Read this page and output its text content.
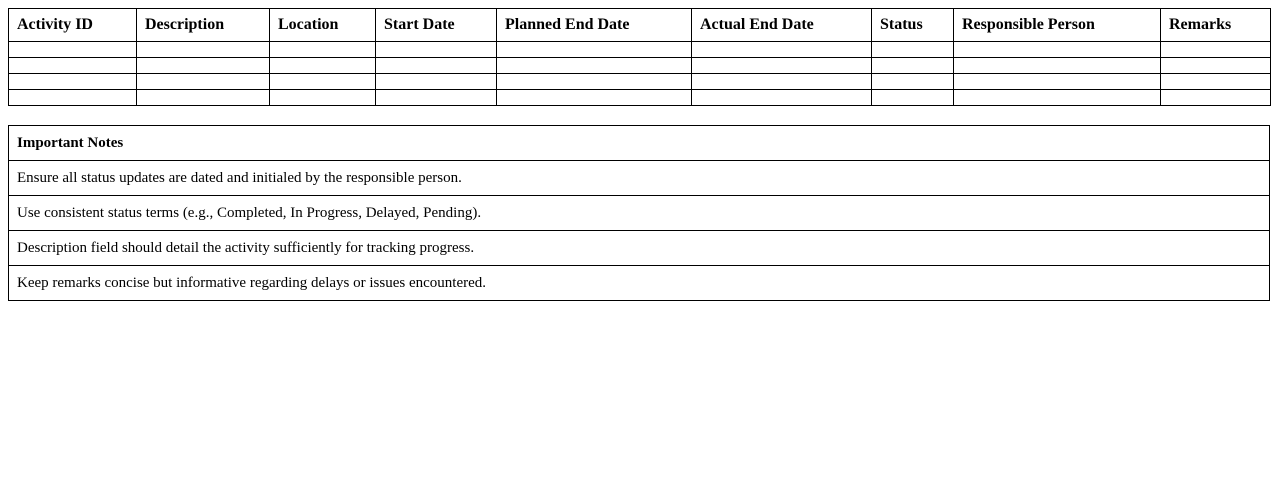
Activity ID	Description	Location	Start Date	Planned End Date	Actual End Date	Status	Responsible Person	Remarks

Important Notes
Ensure all status updates are dated and initialed by the responsible person.
Use consistent status terms (e.g., Completed, In Progress, Delayed, Pending).
Description field should detail the activity sufficiently for tracking progress.
Keep remarks concise but informative regarding delays or issues encountered.
